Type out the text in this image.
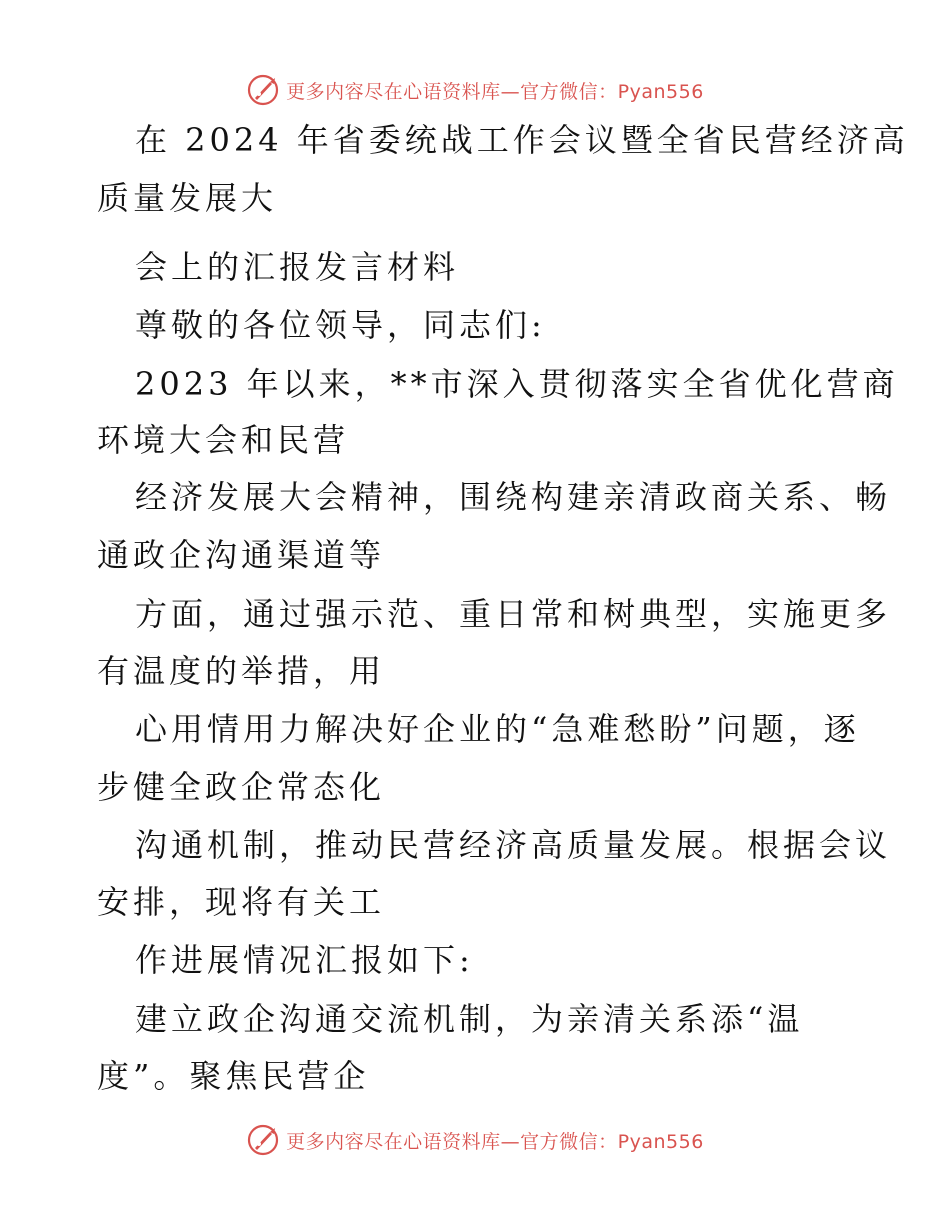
更多内容尽在心语资料库—官方微信：Pyan556
在 2024 年省委统战工作会议暨全省民营经济高
质量发展大
会上的汇报发言材料
尊敬的各位领导，同志们:
2023 年以来，**市深入贯彻落实全省优化营商
环境大会和民营
经济发展大会精神，围绕构建亲清政商关系、畅
通政企沟通渠道等
方面，通过强示范、重日常和树典型，实施更多
有温度的举措，用
心用情用力解决好企业的“急难愁盼”问题，逐
步健全政企常态化
沟通机制，推动民营经济高质量发展。根据会议
安排，现将有关工
作进展情况汇报如下:
建立政企沟通交流机制，为亲清关系添“温
度”。聚焦民营企
更多内容尽在心语资料库—官方微信：Pyan556
